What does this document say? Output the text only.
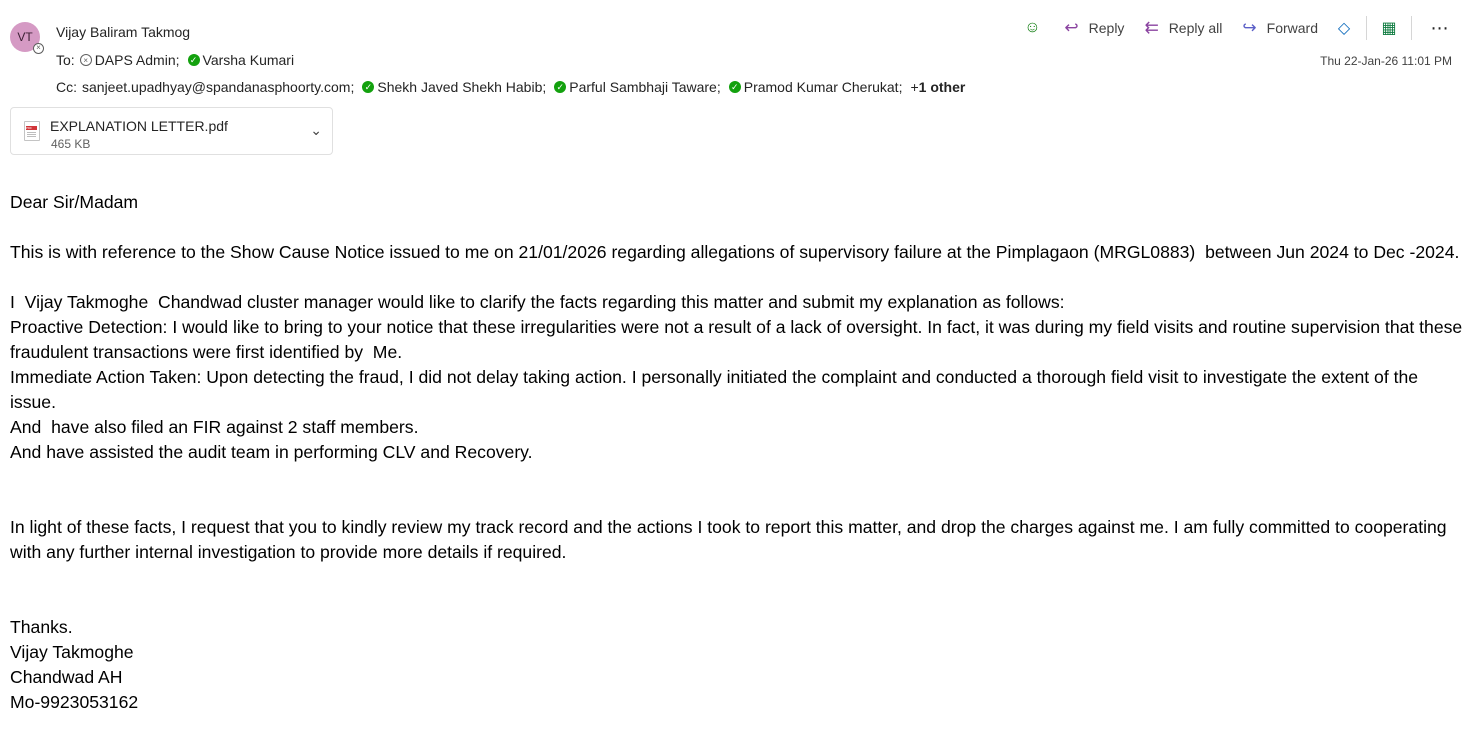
VT
×
Vijay Baliram Takmog
To:	× DAPS Admin; ✓ Varsha Kumari
Cc: sanjeet.upadhyay@spandanasphoorty.com; ✓ Shekh Javed Shekh Habib; ✓ Parful Sambhaji Taware; ✓ Pramod Kumar Cherukat; + 1 other
☺ ↩ Reply ⇇ Reply all ↪ Forward	◇	▦ ⋯
Thu 22-Jan-26 11:01 PM
PDF	EXPLANATION LETTER.pdf
465 KB
⌄

Dear Sir/Madam

This is with reference to the Show Cause Notice issued to me on 21/01/2026 regarding allegations of supervisory failure at the Pimplagaon (MRGL0883)  between Jun 2024 to Dec -2024.

I  Vijay Takmoghe  Chandwad cluster manager would like to clarify the facts regarding this matter and submit my explanation as follows:

Proactive Detection: I would like to bring to your notice that these irregularities were not a result of a lack of oversight. In fact, it was during my field visits and routine supervision that these fraudulent transactions were first identified by  Me.

Immediate Action Taken: Upon detecting the fraud, I did not delay taking action. I personally initiated the complaint and conducted a thorough field visit to investigate the extent of the issue.

And  have also filed an FIR against 2 staff members.

And have assisted the audit team in performing CLV and Recovery.

In light of these facts, I request that you to kindly review my track record and the actions I took to report this matter, and drop the charges against me. I am fully committed to cooperating with any further internal investigation to provide more details if required.

Thanks.

Vijay Takmoghe

Chandwad AH

Mo-9923053162
